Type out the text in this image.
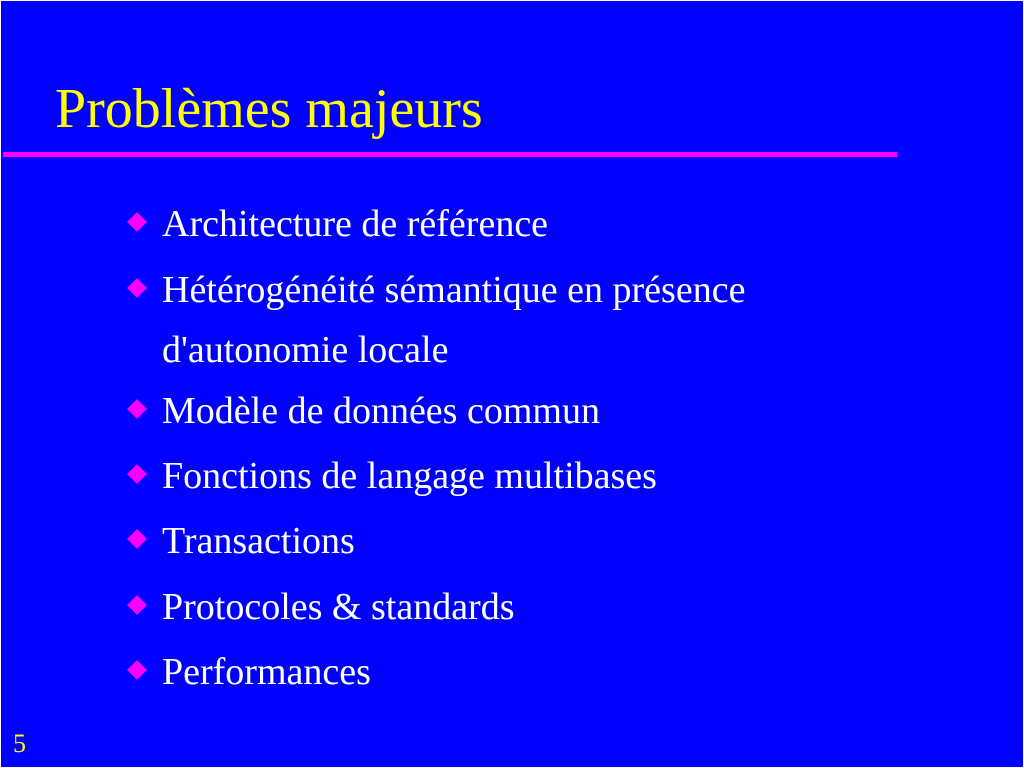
Problèmes majeurs
Architecture de référence
Hétérogénéité sémantique en présence d'autonomie locale
Modèle de données commun
Fonctions de langage multibases
Transactions
Protocoles & standards
Performances
5
